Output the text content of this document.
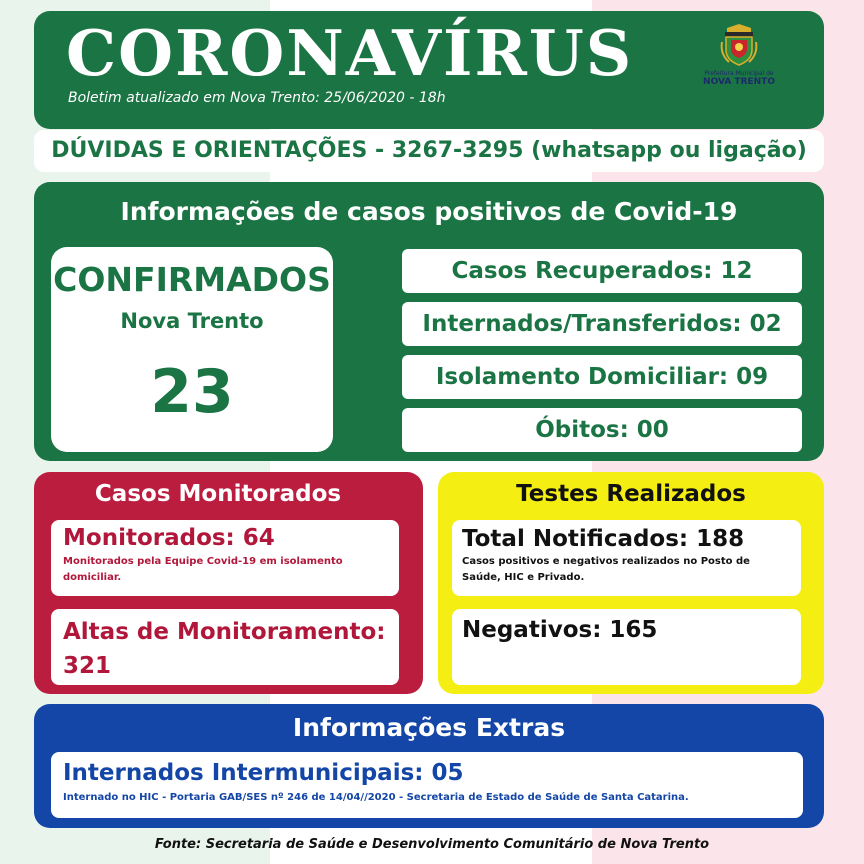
CORONAVÍRUS
Boletim atualizado em Nova Trento: 25/06/2020 - 18h
Prefeitura Municipal de
NOVA TRENTO
DÚVIDAS E ORIENTAÇÕES - 3267-3295 (whatsapp ou ligação)
Informações de casos positivos de Covid-19
CONFIRMADOS
Nova Trento
23
Casos Recuperados: 12
Internados/Transferidos: 02
Isolamento Domiciliar: 09
Óbitos: 00
Casos Monitorados
Monitorados: 64
Monitorados pela Equipe Covid-19 em isolamento domiciliar.
Altas de Monitoramento: 321
Testes Realizados
Total Notificados: 188
Casos positivos e negativos realizados no Posto de Saúde, HIC e Privado.
Negativos: 165
Informações Extras
Internados Intermunicipais: 05
Internado no HIC - Portaria GAB/SES nº 246 de 14/04//2020 - Secretaria de Estado de Saúde de Santa Catarina.
Fonte: Secretaria de Saúde e Desenvolvimento Comunitário de Nova Trento
